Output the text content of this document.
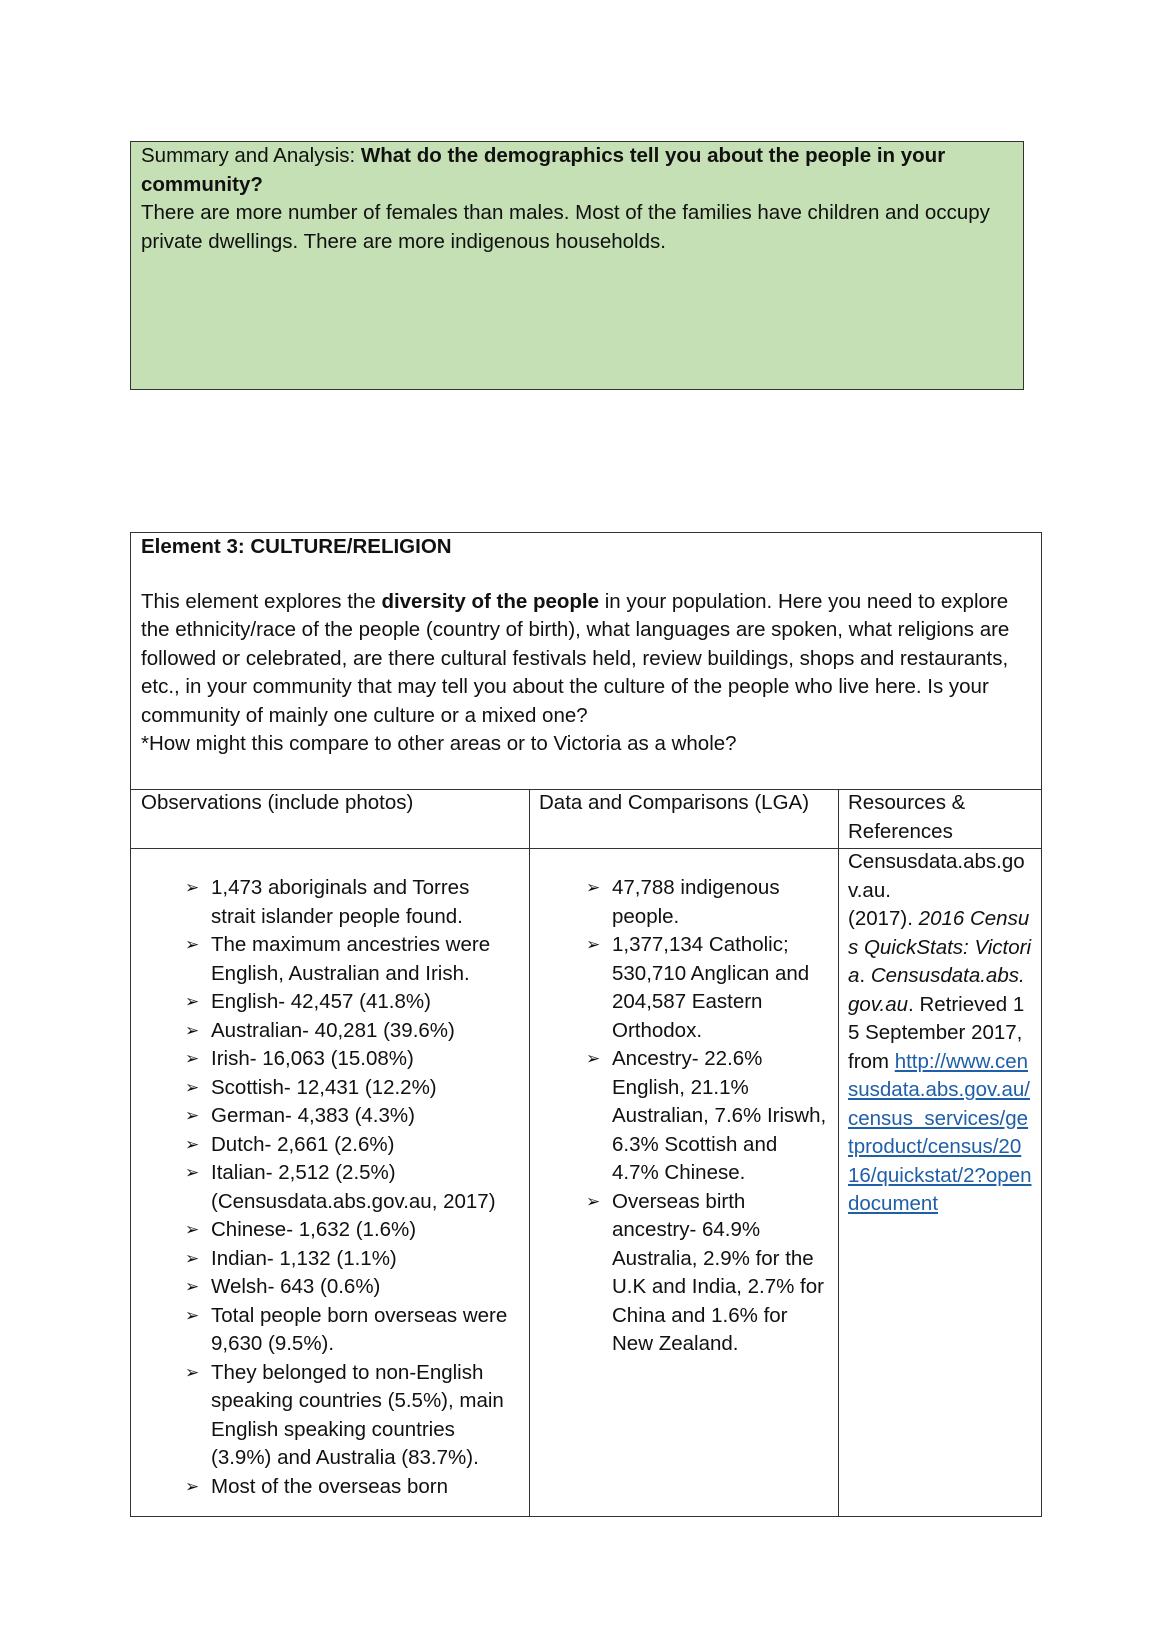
Summary and Analysis: What do the demographics tell you about the people in your community?

There are more number of females than males. Most of the families have children and occupy private dwellings. There are more indigenous households.

Element 3: CULTURE/RELIGION

This element explores the diversity of the people in your population. Here you need to explore the ethnicity/race of the people (country of birth), what languages are spoken, what religions are followed or celebrated, are there cultural festivals held, review buildings, shops and restaurants, etc., in your community that may tell you about the culture of the people who live here. Is your community of mainly one culture or a mixed one?

*How might this compare to other areas or to Victoria as a whole?

Observations (include photos)	Data and Comparisons (LGA)	Resources & References
➢ 1,473 aboriginals and Torres strait islander people found.
➢ The maximum ancestries were English, Australian and Irish.
➢ English- 42,457 (41.8%)
➢ Australian- 40,281 (39.6%)
➢ Irish- 16,063 (15.08%)
➢ Scottish- 12,431 (12.2%)
➢ German- 4,383 (4.3%)
➢ Dutch- 2,661 (2.6%)
➢ Italian- 2,512 (2.5%) (Censusdata.abs.gov.au, 2017)
➢ Chinese- 1,632 (1.6%)
➢ Indian- 1,132 (1.1%)
➢ Welsh- 643 (0.6%)
➢ Total people born overseas were 9,630 (9.5%).
➢ They belonged to non-English speaking countries (5.5%), main English speaking countries (3.9%) and Australia (83.7%).
➢ Most of the overseas born
➢ 47,788 indigenous people.
➢ 1,377,134 Catholic; 530,710 Anglican and 204,587 Eastern Orthodox.
➢ Ancestry- 22.6% English, 21.1% Australian, 7.6% Iriswh, 6.3% Scottish and 4.7% Chinese.
➢ Overseas birth ancestry- 64.9% Australia, 2.9% for the U.K and India, 2.7% for China and 1.6% for New Zealand.
Censusdata.abs.gov.au.
(2017). 2016 Census QuickStats: Victoria. Censusdata.abs.gov.au. Retrieved 15 September 2017, from http://www.censusdata.abs.gov.au/census_services/getproduct/census/2016/quickstat/2?opendocument
